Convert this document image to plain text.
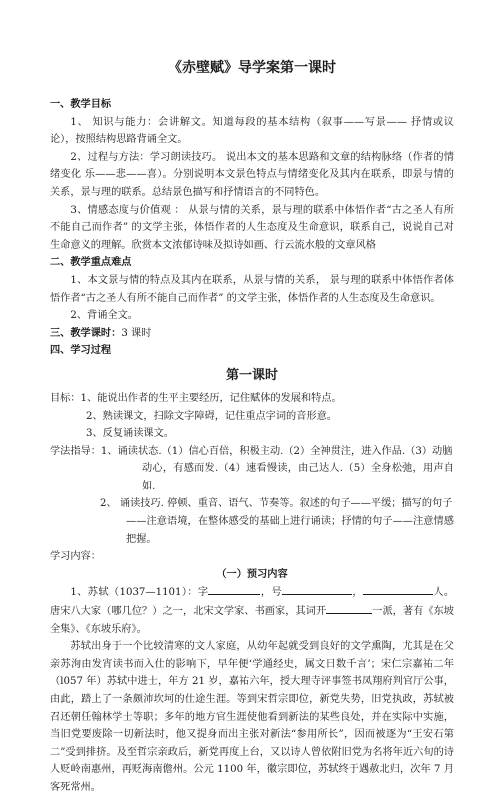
《赤壁赋》导学案第一课时
一、教学目标
1、 知识与能力：会讲解文。知道每段的基本结构（叙事——写景—— 抒情或议论），按照结构思路背诵全文。
2、过程与方法：学习朗读技巧。 说出本文的基本思路和文章的结构脉络（作者的情绪变化 乐——悲——喜）。分别说明本文景色特点与情绪变化及其内在联系，即景与情的关系，景与理的联系。总结景色描写和抒情语言的不同特色。
3、情感态度与价值观 ： 从景与情的关系，景与理的联系中体悟作者“古之圣人有所不能自己而作者” 的文学主张，体悟作者的人生态度及生命意识，联系自己，说说自己对生命意义的理解。欣赏本文浓郁诗味及拟诗如画、行云流水般的文章风格
二、教学重点难点
1、本文景与情的特点及其内在联系，从景与情的关系， 景与理的联系中体悟作者体悟作者“古之圣人有所不能自己而作者” 的文学主张，体悟作者的人生态度及生命意识。
2、背诵全文。
三、教学课时：3 课时
四、学习过程
第一课时
目标：1、能说出作者的生平主要经历，记住赋体的发展和特点。
2、熟读课文，扫除文字障碍，记住重点字词的音形意。
3、反复诵读课文。
学法指导：1、诵读状态.（1）信心百倍，积极主动.（2）全神贯注，进入作品.（3）动脑
动心，有感而发.（4）速看慢读，由己达人.（5）全身松弛，用声自如.
2、 诵读技巧. 停顿、重音、语气、节奏等。叙述的句子——平缓；描写的句子
——注意语境，在整体感受的基础上进行诵读；抒情的句子——注意情感把握。
学习内容：
（一）预习内容
1、苏轼（1037—1101）：字	，号	，	人。唐宋八大家（哪几位？）之一，北宋文学家、书画家，其词开	一派，著有《东坡全集》、《东坡乐府》。
苏轼出身于一个比较清寒的文人家庭，从幼年起就受到良好的文学熏陶，尤其是在父亲苏洵由发宵读书而入仕的影响下，早年便‘学通经史，属文日数千言’；宋仁宗嘉祐二年（l057 年）苏轼中进士，年方 21 岁，嘉祐六年，授大理寺评事签书凤翔府判官厅公事，由此，踏上了一条颇沛坎坷的仕途生涯。等到宋哲宗即位，新党失势，旧党执政，苏轼被召还朝任翰林学士等职；多年的地方官生涯使他看到新法的某些良处，并在实际中实施，当旧党要废除一切新法时，他又提身而出主张对新法“参用所长”，因而被逐为“王安石第二”受到排挤。及至哲宗亲政后，新党再度上台，又以诗人曾依附旧党为名将年近六旬的诗人贬岭南惠州，再贬海南儋州。公元 1100 年，徽宗即位，苏轼终于遇赦北归，次年 7 月客死常州。
